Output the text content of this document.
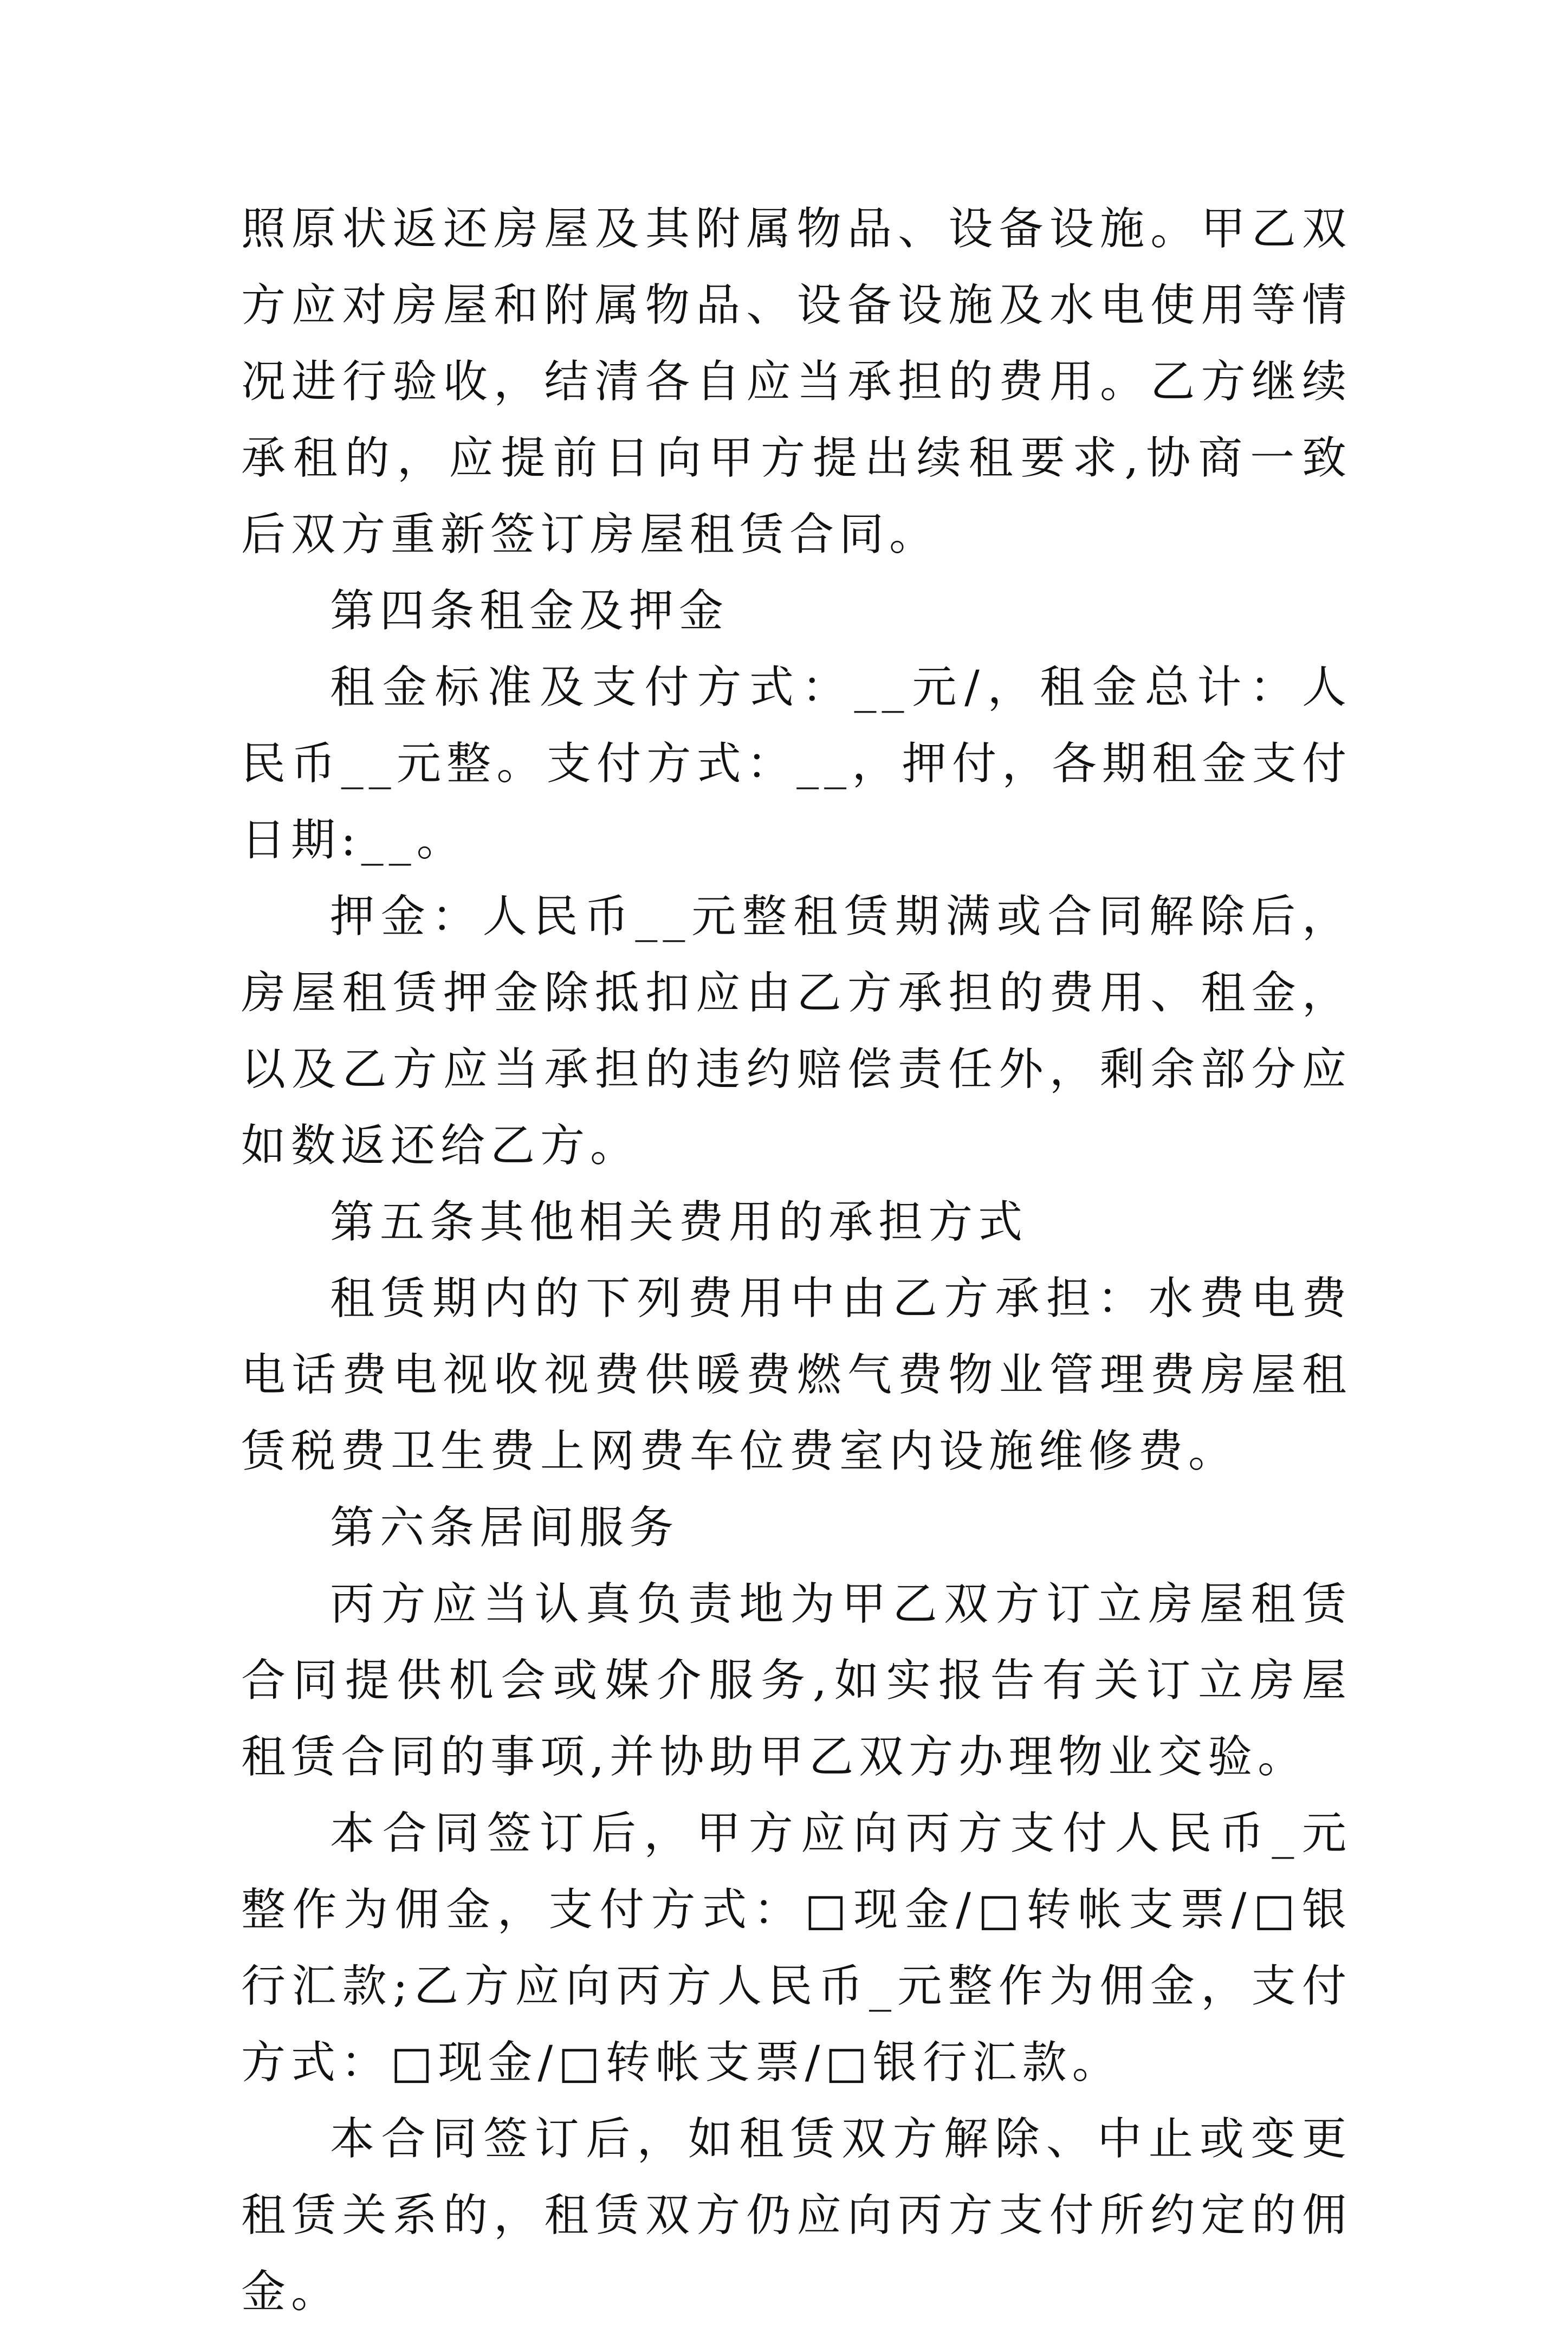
照原状返还房屋及其附属物品、设备设施。甲乙双方应对房屋和附属物品、设备设施及水电使用等情况进行验收，结清各自应当承担的费用。乙方继续承租的，应提前日向甲方提出续租要求,协商一致后双方重新签订房屋租赁合同。

第四条租金及押金

租金标准及支付方式：__元/，租金总计：人民币__元整。支付方式：__，押付，各期租金支付日期:__。

押金：人民币__元整租赁期满或合同解除后，房屋租赁押金除抵扣应由乙方承担的费用、租金，以及乙方应当承担的违约赔偿责任外，剩余部分应如数返还给乙方。

第五条其他相关费用的承担方式

租赁期内的下列费用中由乙方承担：水费电费电话费电视收视费供暖费燃气费物业管理费房屋租赁税费卫生费上网费车位费室内设施维修费。

第六条居间服务

丙方应当认真负责地为甲乙双方订立房屋租赁合同提供机会或媒介服务,如实报告有关订立房屋租赁合同的事项,并协助甲乙双方办理物业交验。

本合同签订后，甲方应向丙方支付人民币_元整作为佣金，支付方式：□现金/□转帐支票/□银行汇款;乙方应向丙方人民币_元整作为佣金，支付方式：□现金/□转帐支票/□银行汇款。

本合同签订后，如租赁双方解除、中止或变更租赁关系的，租赁双方仍应向丙方支付所约定的佣金。
